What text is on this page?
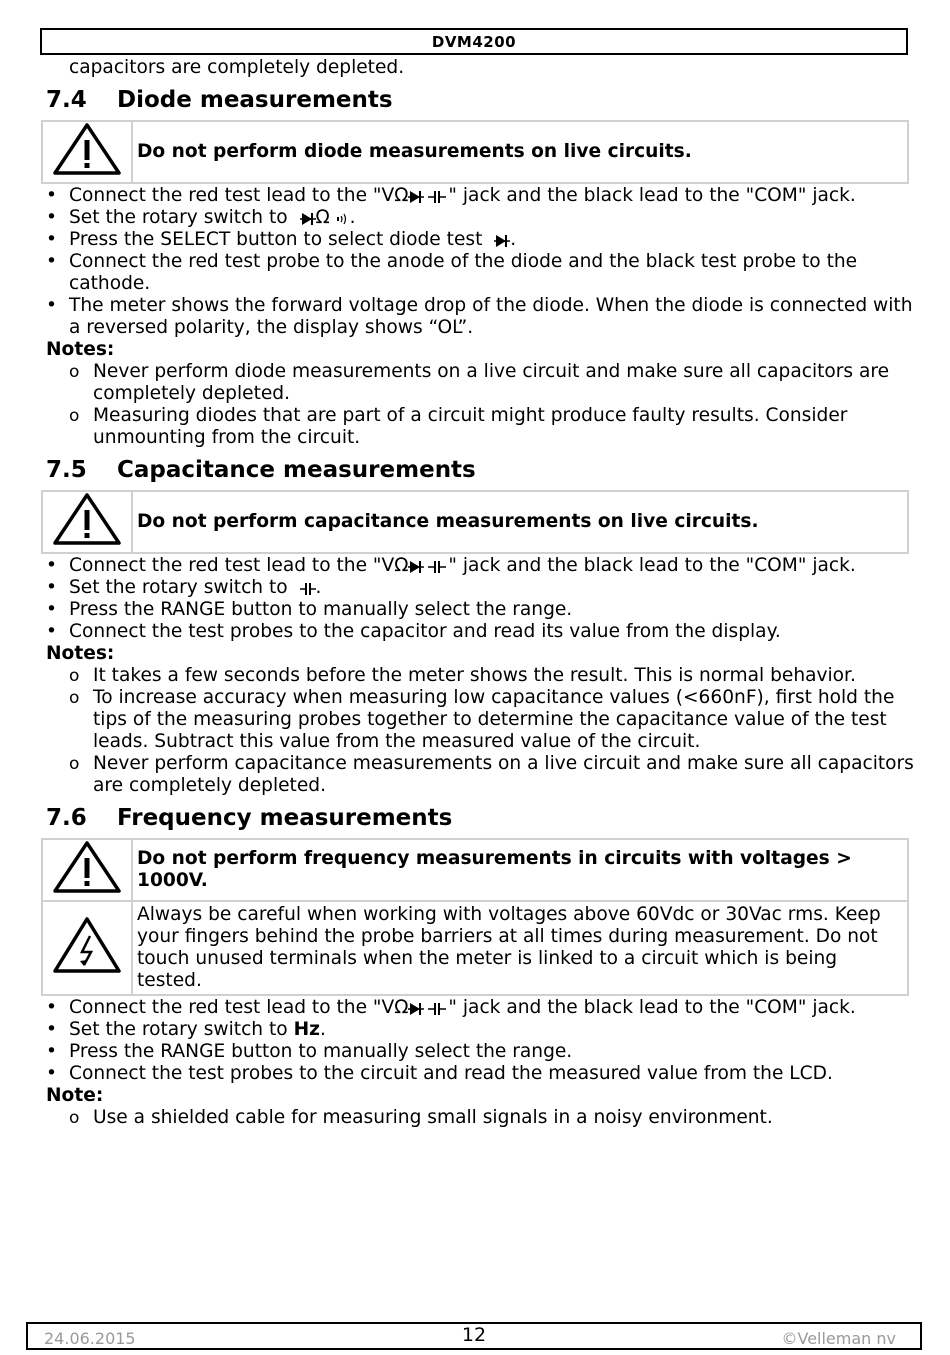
DVM4200
capacitors are completely depleted.
7.4 Diode measurements
	Do not perform diode measurements on live circuits.
• Connect the red test lead to the "VΩ " jack and the black lead to the "COM" jack.
• Set the rotary switch to Ω .
• Press the SELECT button to select diode test .
• Connect the red test probe to the anode of the diode and the black test probe to the cathode.
• The meter shows the forward voltage drop of the diode. When the diode is connected with a reversed polarity, the display shows “OL”.
Notes:
o Never perform diode measurements on a live circuit and make sure all capacitors are completely depleted.
o Measuring diodes that are part of a circuit might produce faulty results. Consider unmounting from the circuit.
7.5 Capacitance measurements
	Do not perform capacitance measurements on live circuits.
• Connect the red test lead to the "VΩ " jack and the black lead to the "COM" jack.
• Set the rotary switch to .
• Press the RANGE button to manually select the range.
• Connect the test probes to the capacitor and read its value from the display.
Notes:
o It takes a few seconds before the meter shows the result. This is normal behavior.
o To increase accuracy when measuring low capacitance values (<660nF), first hold the tips of the measuring probes together to determine the capacitance value of the test leads. Subtract this value from the measured value of the circuit.
o Never perform capacitance measurements on a live circuit and make sure all capacitors are completely depleted.
7.6 Frequency measurements
	Do not perform frequency measurements in circuits with voltages > 1000V.
	Always be careful when working with voltages above 60Vdc or 30Vac rms. Keep your fingers behind the probe barriers at all times during measurement. Do not touch unused terminals when the meter is linked to a circuit which is being tested.
• Connect the red test lead to the "VΩ " jack and the black lead to the "COM" jack.
• Set the rotary switch to Hz.
• Press the RANGE button to manually select the range.
• Connect the test probes to the circuit and read the measured value from the LCD.
Note:
o Use a shielded cable for measuring small signals in a noisy environment.
24.06.2015	12	©Velleman nv
